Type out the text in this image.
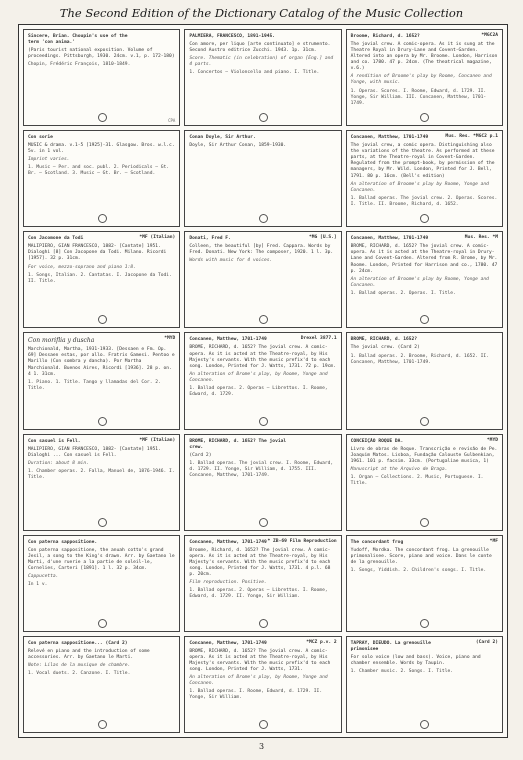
The Second Edition of the Dictionary Catalog of the Music Collection
Sincere, Brian. Choupin's use of the term 'con anima.'
(Paris tourist national exposition. Volume of proceedings. Pittsburgh, 1930. 24cm. v.1, p. 172-180)
Chopin, Frédéric François, 1810-1849.
CPA
PALMIERA, FRANCESCO, 1891-1945.
Con amore, per liquo [arte continuato] e strumento. Second Austro editrice Zucchi. 1943. 1p. 31cm.
Score. Thematic (in celebration) of organ [Eng.] and 4 parts.
1. Concertos — Violoncello and piano. I. Title.
*MGC2A
Broome, Richard, d. 1652?
The jovial crew. A comic-opera. As it is sung at the Theatre Royal in Drury-Lane and Covent-Garden. Altered into an opera by Mr. Broome. London, Harrison and co. 1780. 47 p. 24cm. (The theatrical magazine, v.6.)
A rendition of Broome's play by Roome, Concanen and Yonge, with music.
1. Operas. Scores. I. Roome, Edward, d. 1729. II. Yonge, Sir William. III. Concanen, Matthew, 1701-1749.
Con sorie
MUSIC & drama. v.1-5 [1925]-31. Glasgow. Bros. w.l.c. 5v. in 1 vol.
Imprint varies.
1. Music — Per. and soc. publ. 2. Periodicals — Gt. Br. — Scotland. 3. Music — Gt. Br. — Scotland.
Conan Doyle, Sir Arthur.
Doyle, Sir Arthur Conan, 1859-1930.
Mus. Res. *MGC2 p.1
Concanen, Matthew, 1701-1749
The jovial crew, a comic opera. Distinguishing also the variations of the theatre. As performed at these parts, at the Theatre-royal in Covent-Garden. Regulated from the prompt-book, by permission of the managers, by Mr. Wild. London, Printed for J. Bell, 1791. 80 p. 16cm. (Bell's edition)
An alteration of Broome's play by Roome, Yonge and Concanen.
1. Ballad operas. The jovial crew. 2. Operas. Scores. I. Title. II. Broome, Richard, d. 1652.
*MF (Italian)
Con Jacomone da Todi
MALIPIERO, GIAN FRANCESCO, 1882- [Cantate] 1951. Dialoghi [8] Con Jacopone da Todi. Milano. Ricordi [1957]. 32 p. 31cm.
For voice, mezzo-soprano and piano 1:8.
1. Songs, Italian. 2. Cantatas. I. Jacopone da Todi. II. Title.
*MG [U.S.]
Donati, Fred F.
Colleen, the beautiful [by] Fred. Cappara. Words by Fred. Donati. New York: The composer, 1920. 1 l. 3p.
Words with music for 4 voices.
Mus. Res. *M
Concanen, Matthew, 1701-1749
BROME, RICHARD, d. 1652? The jovial crew. A comic-opera. As it is acted at the Theatre-royal in Drury-Lane and Covent-Garden. Altered from R. Brome, by Mr. Roome. London, Printed for Harrison and co., 1780. 47 p. 24cm.
An alteration of Broome's play by Roome, Yonge and Concanen.
1. Ballad operas. 2. Operas. I. Title.
*MYD
Con moriflia y duscha
Marchionald, Martha, 1931-1933. [Dessaen e Fm. Op. 69] Dessaen estas, por allo. Fratris Gamesi. Pentoo e Marillo (Con sombra y dancha). Por Martha Marchionald. Buenos Aires, Ricordi [1936]. 28 p. on. 4 1. 31cm.
1. Piano. 1. Title. Tango y llamadas del Cor. 2. Title.
Drexel 3877.1
Concanen, Matthew, 1701-1749
BROME, RICHARD, d. 1652? The jovial crew. A comic-opera. As it is acted at the Theatre-royal, by His Majesty's servants. With the music prefix'd to each song. London, Printed for J. Watts, 1731. 72 p. 19cm.
An alteration of Brome's play, by Roome, Yonge and Concanen.
1. Ballad operas. 2. Operas — Librettos. I. Roome, Edward, d. 1729.
BROME, RICHARD, d. 1652?
The jovial crew. (Card 2)
1. Ballad operas. 2. Broome, Richard, d. 1652. II. Concanen, Matthew, 1701-1749.
*MF (Italian)
Con sasuel is Fell.
MALIPIERO, GIAN FRANCESCO, 1882- [Cantate] 1951. Dialoghi ... Con sasuel is Fell.
Duration: about 8 min.
1. Chamber operas. 2. Falla, Manuel de, 1876-1946. I. Title.
BROME, RICHARD, d. 1652? The jovial crew.
(Card 2)
1. Ballad operas. The jovial crew. I. Roome, Edward, d. 1729. II. Yonge, Sir William, d. 1755. III. Concanen, Matthew, 1701-1749.
*MYD
CONCEIÇÃO ROQUE DA.
Livro de obras de Roque. Transcrição e revisão de Pe. Joaquim Matos. Lisboa, Fundação Calouste Gulbenkian, 1961. 101 p. facsim. 33cm. (Portugaliae musica, 1)
Manuscript at the Arquivo de Braga.
1. Organ — Collections. 2. Music, Portuguese. I. Title.
Con paterna sappositione.
Con paterna sappositione, the anuah cotto's grand Jesil, a song to the King's drawn. Arr. by Gaetano le Marti, d'une ruerie a la partie de soleil-le, Cornelies, Carteri [1891]. 1 l. 32 p. 34cm.
Cappucetta.
In 1 v.
* ZB-69 Film Reproduction
Concanen, Matthew, 1701-1749
Broome, Richard, d. 1652? The jovial crew. A comic-opera. As it is acted at the Theatre-royal, by His Majesty's servants. With the music prefix'd to each song. London, Printed for J. Watts, 1731. 4 p.l. 68 p. 20cm.
Film reproduction. Positive.
1. Ballad operas. 2. Operas — Librettos. I. Roome, Edward, d. 1729. II. Yonge, Sir William.
*MF
The concordant frog
Yudoff, Mordka. The concordant frog. La grenouille primonalisee. Score, piano and voice. Dans le conte de la grenouille.
1. Songs, Yiddish. 2. Children's songs. I. Title.
Con paterna sappositione... (Card 2)
Relevé en piano and the introduction of some accessories. Arr. by Gaetano le Marti.
Note: Lilas de la musique de chambre.
1. Vocal duets. 2. Canzone. I. Title.
*MCZ p.v. 2
Concanen, Matthew, 1701-1749
BROME, RICHARD, d. 1652? The jovial crew. A comic-opera. As it is acted at the Theatre-royal, by His Majesty's servants. With the music prefix'd to each song. London, Printed for J. Watts, 1731.
An alteration of Brome's play, by Roome, Yonge and Concanen.
1. Ballad operas. I. Roome, Edward, d. 1729. II. Yonge, Sir William.
(Card 2)
TAPRAY, DIEUDO. La grenouille primonisee
For solo voice (low and bass). Voice, piano and chamber ensemble. Words by Taupin.
1. Chamber music. 2. Songs. I. Title.
3
